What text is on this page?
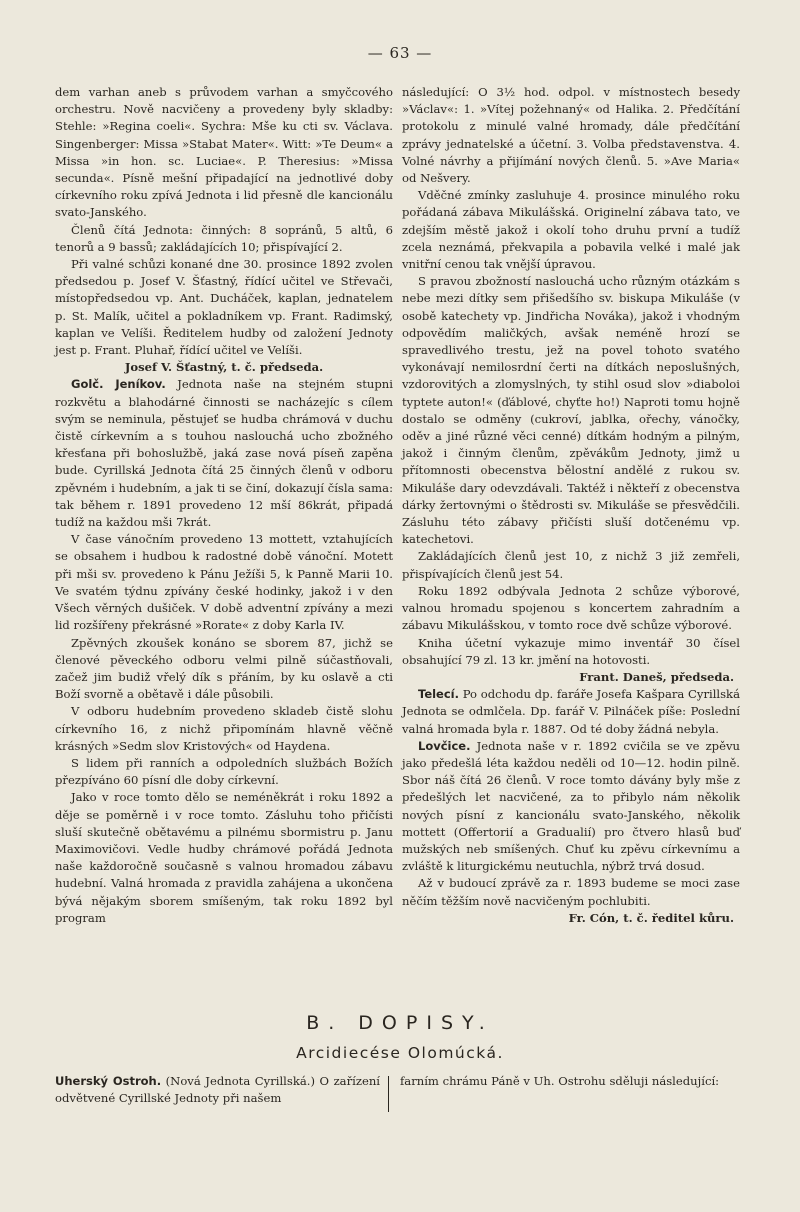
— 63 —

dem varhan aneb s průvodem varhan a smyčcového orchestru. Nově nacvičeny a provedeny byly skladby: Stehle: »Regina coeli«. Sychra: Mše ku cti sv. Václava. Singenberger: Missa »Stabat Mater«. Witt: »Te Deum« a Missa »in hon. sc. Luciae«. P. Theresius: »Missa secunda«. Písně mešní připadající na jednotlivé doby církevního roku zpívá Jednota i lid přesně dle kancionálu svato-Janského.

Členů čítá Jednota: činných: 8 sopránů, 5 altů, 6 tenorů a 9 bassů; zakládajících 10; přispívající 2.

Při valné schůzi konané dne 30. prosince 1892 zvolen předsedou p. Josef V. Šťastný, řídící učitel ve Střevači, místopředsedou vp. Ant. Ducháček, kaplan, jednatelem p. St. Malík, učitel a pokladníkem vp. Frant. Radimský, kaplan ve Velíši. Ředitelem hudby od založení Jednoty jest p. Frant. Pluhař, řídící učitel ve Velíši.

Josef V. Šťastný, t. č. předseda.

Golč. Jeníkov. Jednota naše na stejném stupni rozkvětu a blahodárné činnosti se nacházejíc s cílem svým se neminula, pěstujeť se hudba chrámová v duchu čistě církevním a s touhou naslouchá ucho zbožného křesťana při bohoslužbě, jaká zase nová píseň zapěna bude. Cyrillská Jednota čítá 25 činných členů v odboru zpěvném i hudebním, a jak ti se činí, dokazují čísla sama: tak během r. 1891 provedeno 12 mší 86krát, připadá tudíž na každou mši 7krát.

V čase vánočním provedeno 13 mottett, vztahujících se obsahem i hudbou k radostné době vánoční. Motett při mši sv. provedeno k Pánu Ježíši 5, k Panně Marii 10. Ve svatém týdnu zpívány české hodinky, jakož i v den Všech věrných dušiček. V době adventní zpívány a mezi lid rozšířeny překrásné »Rorate« z doby Karla IV.

Zpěvných zkoušek konáno se sborem 87, jichž se členové pěveckého odboru velmi pilně súčastňovali, začež jim budiž vřelý dík s přáním, by ku oslavě a cti Boží svorně a obětavě i dále působili.

V odboru hudebním provedeno skladeb čistě slohu církevního 16, z nichž připomínám hlavně věčně krásných »Sedm slov Kristových« od Haydena.

S lidem při ranních a odpoledních službách Božích přezpíváno 60 písní dle doby církevní.

Jako v roce tomto dělo se neméněkrát i roku 1892 a děje se poměrně i v roce tomto. Zásluhu toho přičísti sluší skutečně obětavému a pilnému sbormistru p. Janu Maximovičovi. Vedle hudby chrámové pořádá Jednota naše každoročně současně s valnou hromadou zábavu hudební. Valná hromada z pravidla zahájena a ukončena bývá nějakým sborem smíšeným, tak roku 1892 byl program

následující: O 3½ hod. odpol. v místnostech besedy »Václav«: 1. »Vítej požehnaný« od Halika. 2. Předčítání protokolu z minulé valné hromady, dále předčítání zprávy jednatelské a účetní. 3. Volba představenstva. 4. Volné návrhy a přijímání nových členů. 5. »Ave Maria« od Nešvery.

Vděčné zmínky zasluhuje 4. prosince minulého roku pořádaná zábava Mikulášská. Originelní zábava tato, ve zdejším městě jakož i okolí toho druhu první a tudíž zcela neznámá, překvapila a pobavila velké i malé jak vnitřní cenou tak vnější úpravou.

S pravou zbožností naslouchá ucho různým otázkám s nebe mezi dítky sem přišedšího sv. biskupa Mikuláše (v osobě katechety vp. Jindřicha Nováka), jakož i vhodným odpovědím maličkých, avšak neméně hrozí se spravedlivého trestu, jež na povel tohoto svatého vykonávají nemilosrdní čerti na dítkách neposlušných, vzdorovitých a zlomyslných, ty stihl osud slov »diaboloi typtete auton!« (ďáblové, chyťte ho!) Naproti tomu hojně dostalo se odměny (cukroví, jablka, ořechy, vánočky, oděv a jiné různé věci cenné) dítkám hodným a pilným, jakož i činným členům, zpěvákům Jednoty, jimž u přítomnosti obecenstva bělostní andělé z rukou sv. Mikuláše dary odevzdávali. Taktéž i někteří z obecenstva dárky žertovnými o štědrosti sv. Mikuláše se přesvědčili. Zásluhu této zábavy přičísti sluší dotčenému vp. katechetovi.

Zakládajících členů jest 10, z nichž 3 již zemřeli, přispívajících členů jest 54.

Roku 1892 odbývala Jednota 2 schůze výborové, valnou hromadu spojenou s koncertem zahradním a zábavu Mikulášskou, v tomto roce dvě schůze výborové.

Kniha účetní vykazuje mimo inventář 30 čísel obsahující 79 zl. 13 kr. jmění na hotovosti.

Frant. Daneš, předseda.

Telecí. Po odchodu dp. faráře Josefa Kašpara Cyrillská Jednota se odmlčela. Dp. farář V. Pilnáček píše: Poslední valná hromada byla r. 1887. Od té doby žádná nebyla.

Lovčice. Jednota naše v r. 1892 cvičila se ve zpěvu jako předešlá léta každou neděli od 10—12. hodin pilně. Sbor náš čítá 26 členů. V roce tomto dávány byly mše z předešlých let nacvičené, za to přibylo nám několik nových písní z kancionálu svato-Janského, několik mottett (Offertorií a Gradualií) pro čtvero hlasů buď mužských neb smíšených. Chuť ku zpěvu církevnímu a zvláště k liturgickému neutuchla, nýbrž trvá dosud.

Až v budoucí zprávě za r. 1893 budeme se moci zase něčím těžším nově nacvičeným pochlubiti.

Fr. Cón, t. č. ředitel kůru.
B. DOPISY.
Arcidiecése Olomúcká.

Uherský Ostroh. (Nová Jednota Cyrillská.) O zařízení odvětvené Cyrillské Jednoty při našem

farním chrámu Páně v Uh. Ostrohu sděluji následující:
